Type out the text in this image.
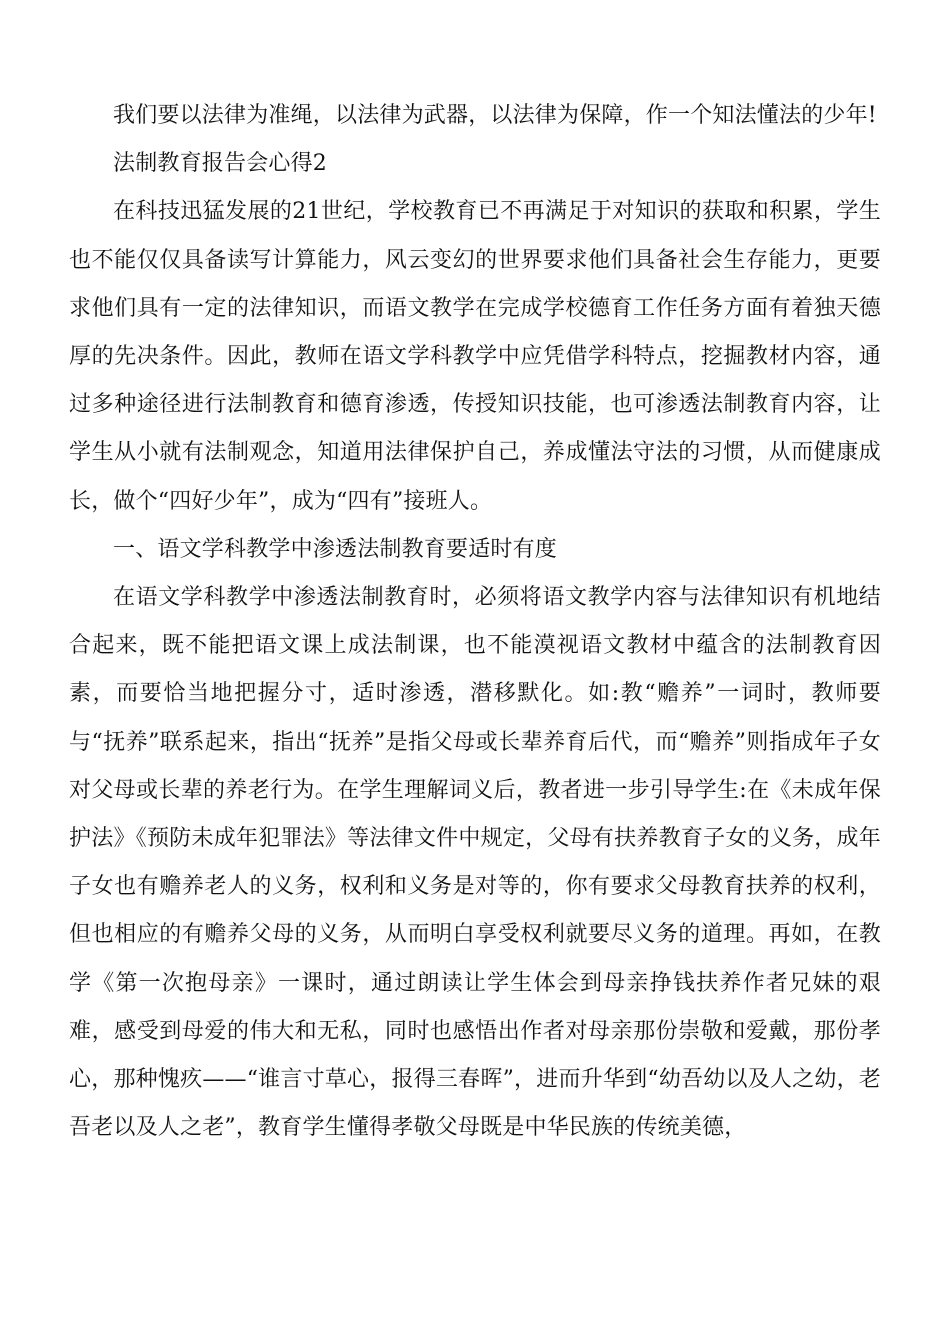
我们要以法律为准绳，以法律为武器，以法律为保障，作一个知法懂法的少年!

法制教育报告会心得2

在科技迅猛发展的21世纪，学校教育已不再满足于对知识的获取和积累，学生也不能仅仅具备读写计算能力，风云变幻的世界要求他们具备社会生存能力，更要求他们具有一定的法律知识，而语文教学在完成学校德育工作任务方面有着独天德厚的先决条件。因此，教师在语文学科教学中应凭借学科特点，挖掘教材内容，通过多种途径进行法制教育和德育渗透，传授知识技能，也可渗透法制教育内容，让学生从小就有法制观念，知道用法律保护自己，养成懂法守法的习惯，从而健康成长，做个“四好少年”，成为“四有”接班人。

一、语文学科教学中渗透法制教育要适时有度

在语文学科教学中渗透法制教育时，必须将语文教学内容与法律知识有机地结合起来，既不能把语文课上成法制课，也不能漠视语文教材中蕴含的法制教育因素，而要恰当地把握分寸，适时渗透，潜移默化。如:教“赡养”一词时，教师要与“抚养”联系起来，指出“抚养”是指父母或长辈养育后代，而“赡养”则指成年子女对父母或长辈的养老行为。在学生理解词义后，教者进一步引导学生:在《未成年保护法》《预防未成年犯罪法》等法律文件中规定，父母有扶养教育子女的义务，成年子女也有赡养老人的义务，权利和义务是对等的，你有要求父母教育扶养的权利，但也相应的有赡养父母的义务，从而明白享受权利就要尽义务的道理。再如，在教学《第一次抱母亲》一课时，通过朗读让学生体会到母亲挣钱扶养作者兄妹的艰难，感受到母爱的伟大和无私，同时也感悟出作者对母亲那份崇敬和爱戴，那份孝心，那种愧疚——“谁言寸草心，报得三春晖”，进而升华到“幼吾幼以及人之幼，老吾老以及人之老”，教育学生懂得孝敬父母既是中华民族的传统美德，
